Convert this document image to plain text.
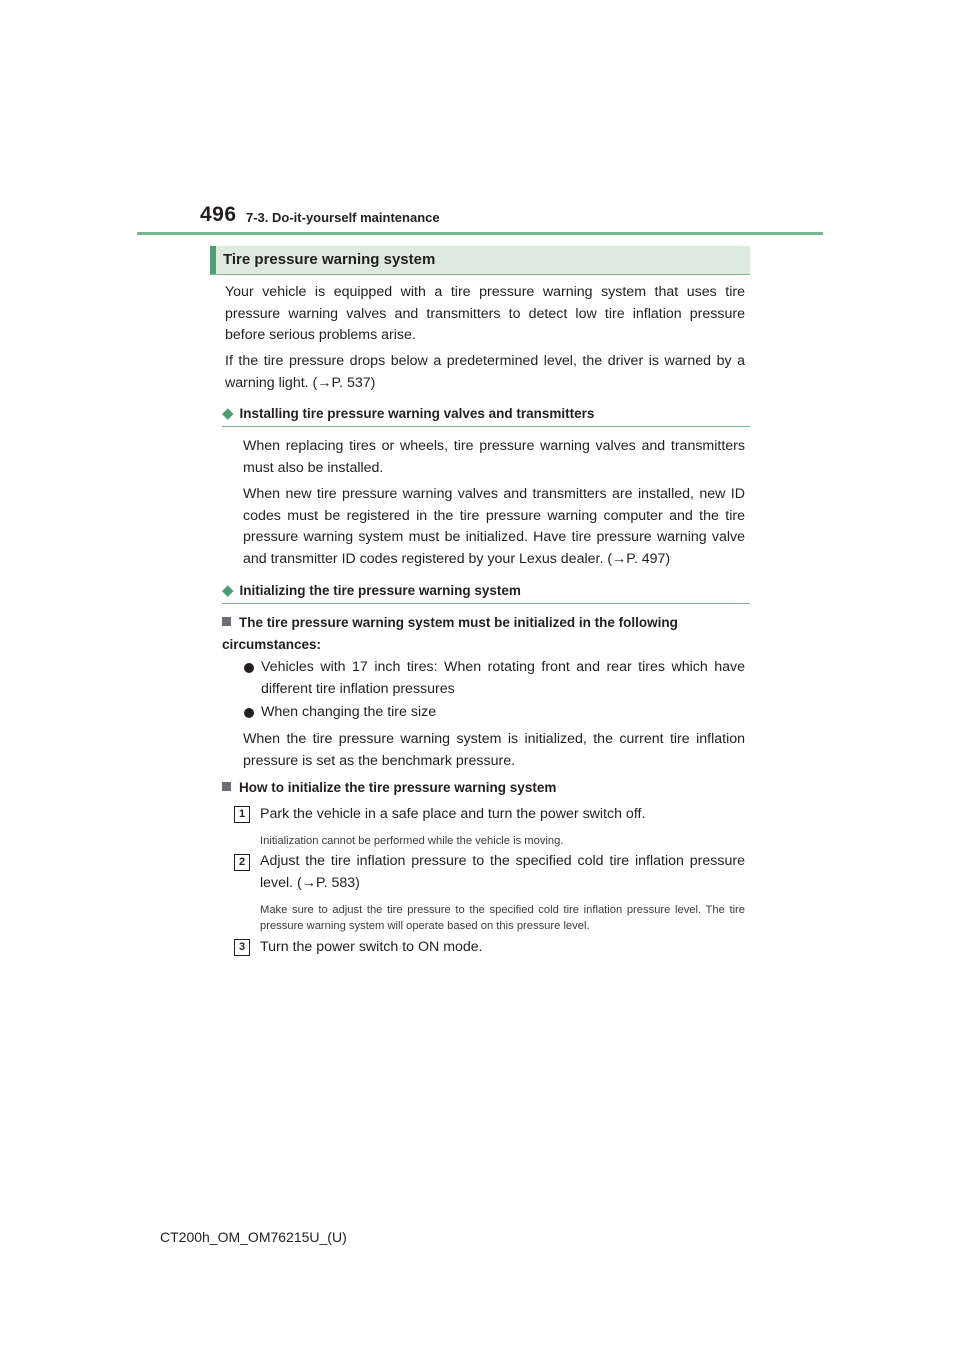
496 7-3. Do-it-yourself maintenance
Tire pressure warning system
Your vehicle is equipped with a tire pressure warning system that uses tire pressure warning valves and transmitters to detect low tire inflation pressure before serious problems arise.
If the tire pressure drops below a predetermined level, the driver is warned by a warning light. (→P. 537)
◆ Installing tire pressure warning valves and transmitters
When replacing tires or wheels, tire pressure warning valves and transmitters must also be installed.
When new tire pressure warning valves and transmitters are installed, new ID codes must be registered in the tire pressure warning computer and the tire pressure warning system must be initialized. Have tire pressure warning valve and transmitter ID codes registered by your Lexus dealer. (→P. 497)
◆ Initializing the tire pressure warning system
The tire pressure warning system must be initialized in the following circumstances:
Vehicles with 17 inch tires: When rotating front and rear tires which have different tire inflation pressures
When changing the tire size
When the tire pressure warning system is initialized, the current tire inflation pressure is set as the benchmark pressure.
How to initialize the tire pressure warning system
1	Park the vehicle in a safe place and turn the power switch off.
Initialization cannot be performed while the vehicle is moving.
2	Adjust the tire inflation pressure to the specified cold tire inflation pressure level. (→P. 583)
Make sure to adjust the tire pressure to the specified cold tire inflation pressure level. The tire pressure warning system will operate based on this pressure level.
3	Turn the power switch to ON mode.
CT200h_OM_OM76215U_(U)
